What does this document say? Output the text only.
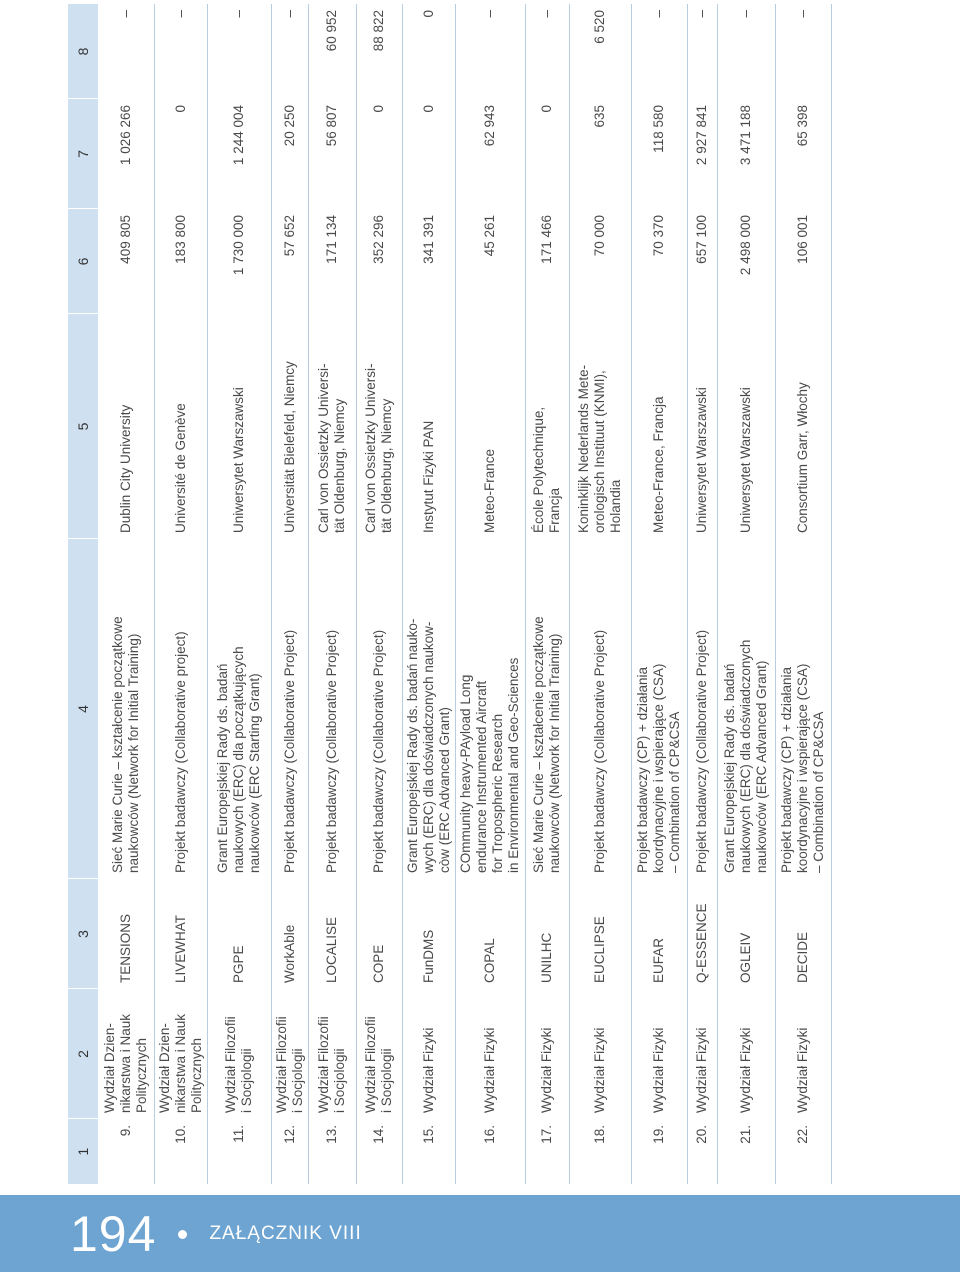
194	ZAŁĄCZNIK VIII
1	2	3	4	5	6	7	8
9.	Wydział Dzien-
nikarstwa i Nauk
Politycznych	TENSIONS	Sieć Marie Curie – kształcenie początkowe
naukowców (Network for Initial Training)	Dublin City University	409 805	1 026 266	–
10.	Wydział Dzien-
nikarstwa i Nauk
Politycznych	LIVEWHAT	Projekt badawczy (Collaborative project)	Université de Genève	183 800	0	–
11.	Wydział Filozofii
i Socjologii	PGPE	Grant Europejskiej Rady ds. badań
naukowych (ERC) dla początkujących
naukowców (ERC Starting Grant)	Uniwersytet Warszawski	1 730 000	1 244 004	–
12.	Wydział Filozofii
i Socjologii	WorkAble	Projekt badawczy (Collaborative Project)	Universität Bielefeld, Niemcy	57 652	20 250	–
13.	Wydział Filozofii
i Socjologii	LOCALISE	Projekt badawczy (Collaborative Project)	Carl von Ossietzky Universi-
tät Oldenburg, Niemcy	171 134	56 807	60 952
14.	Wydział Filozofii
i Socjologii	COPE	Projekt badawczy (Collaborative Project)	Carl von Ossietzky Universi-
tät Oldenburg, Niemcy	352 296	0	88 822
15.	Wydział Fizyki	FunDMS	Grant Europejskiej Rady ds. badań nauko-
wych (ERC) dla doświadczonych naukow-
còw (ERC Advanced Grant)	Instytut Fizyki PAN	341 391	0	0
16.	Wydział Fizyki	COPAL	COmmunity heavy-PAyload Long
endurance Instrumented Aircraft
for Tropospheric Research
in Environmental and Geo-Sciences	Meteo-France	45 261	62 943	–
17.	Wydział Fizyki	UNILHC	Sieć Marie Curie – kształcenie początkowe
naukowców (Network for Initial Training)	École Polytechnique,
Francja	171 466	0	–
18.	Wydział Fizyki	EUCLIPSE	Projekt badawczy (Collaborative Project)	Koninklijk Nederlands Mete-
orologisch Instituut (KNMI),
Holandia	70 000	635	6 520
19.	Wydział Fizyki	EUFAR	Projekt badawczy (CP) + działania
koordynacyjne i wspierające (CSA)
– Combination of CP&CSA	Meteo-France, Francja	70 370	118 580	–
20.	Wydział Fizyki	Q-ESSENCE	Projekt badawczy (Collaborative Project)	Uniwersytet Warszawski	657 100	2 927 841	–
21.	Wydział Fizyki	OGLEIV	Grant Europejskiej Rady ds. badań
naukowych (ERC) dla doświadczonych
naukowców (ERC Advanced Grant)	Uniwersytet Warszawski	2 498 000	3 471 188	–
22.	Wydział Fizyki	DECIDE	Projekt badawczy (CP) + działania
koordynacyjne i wspierające (CSA)
– Combination of CP&CSA	Consortium Garr, Włochy	106 001	65 398	–
